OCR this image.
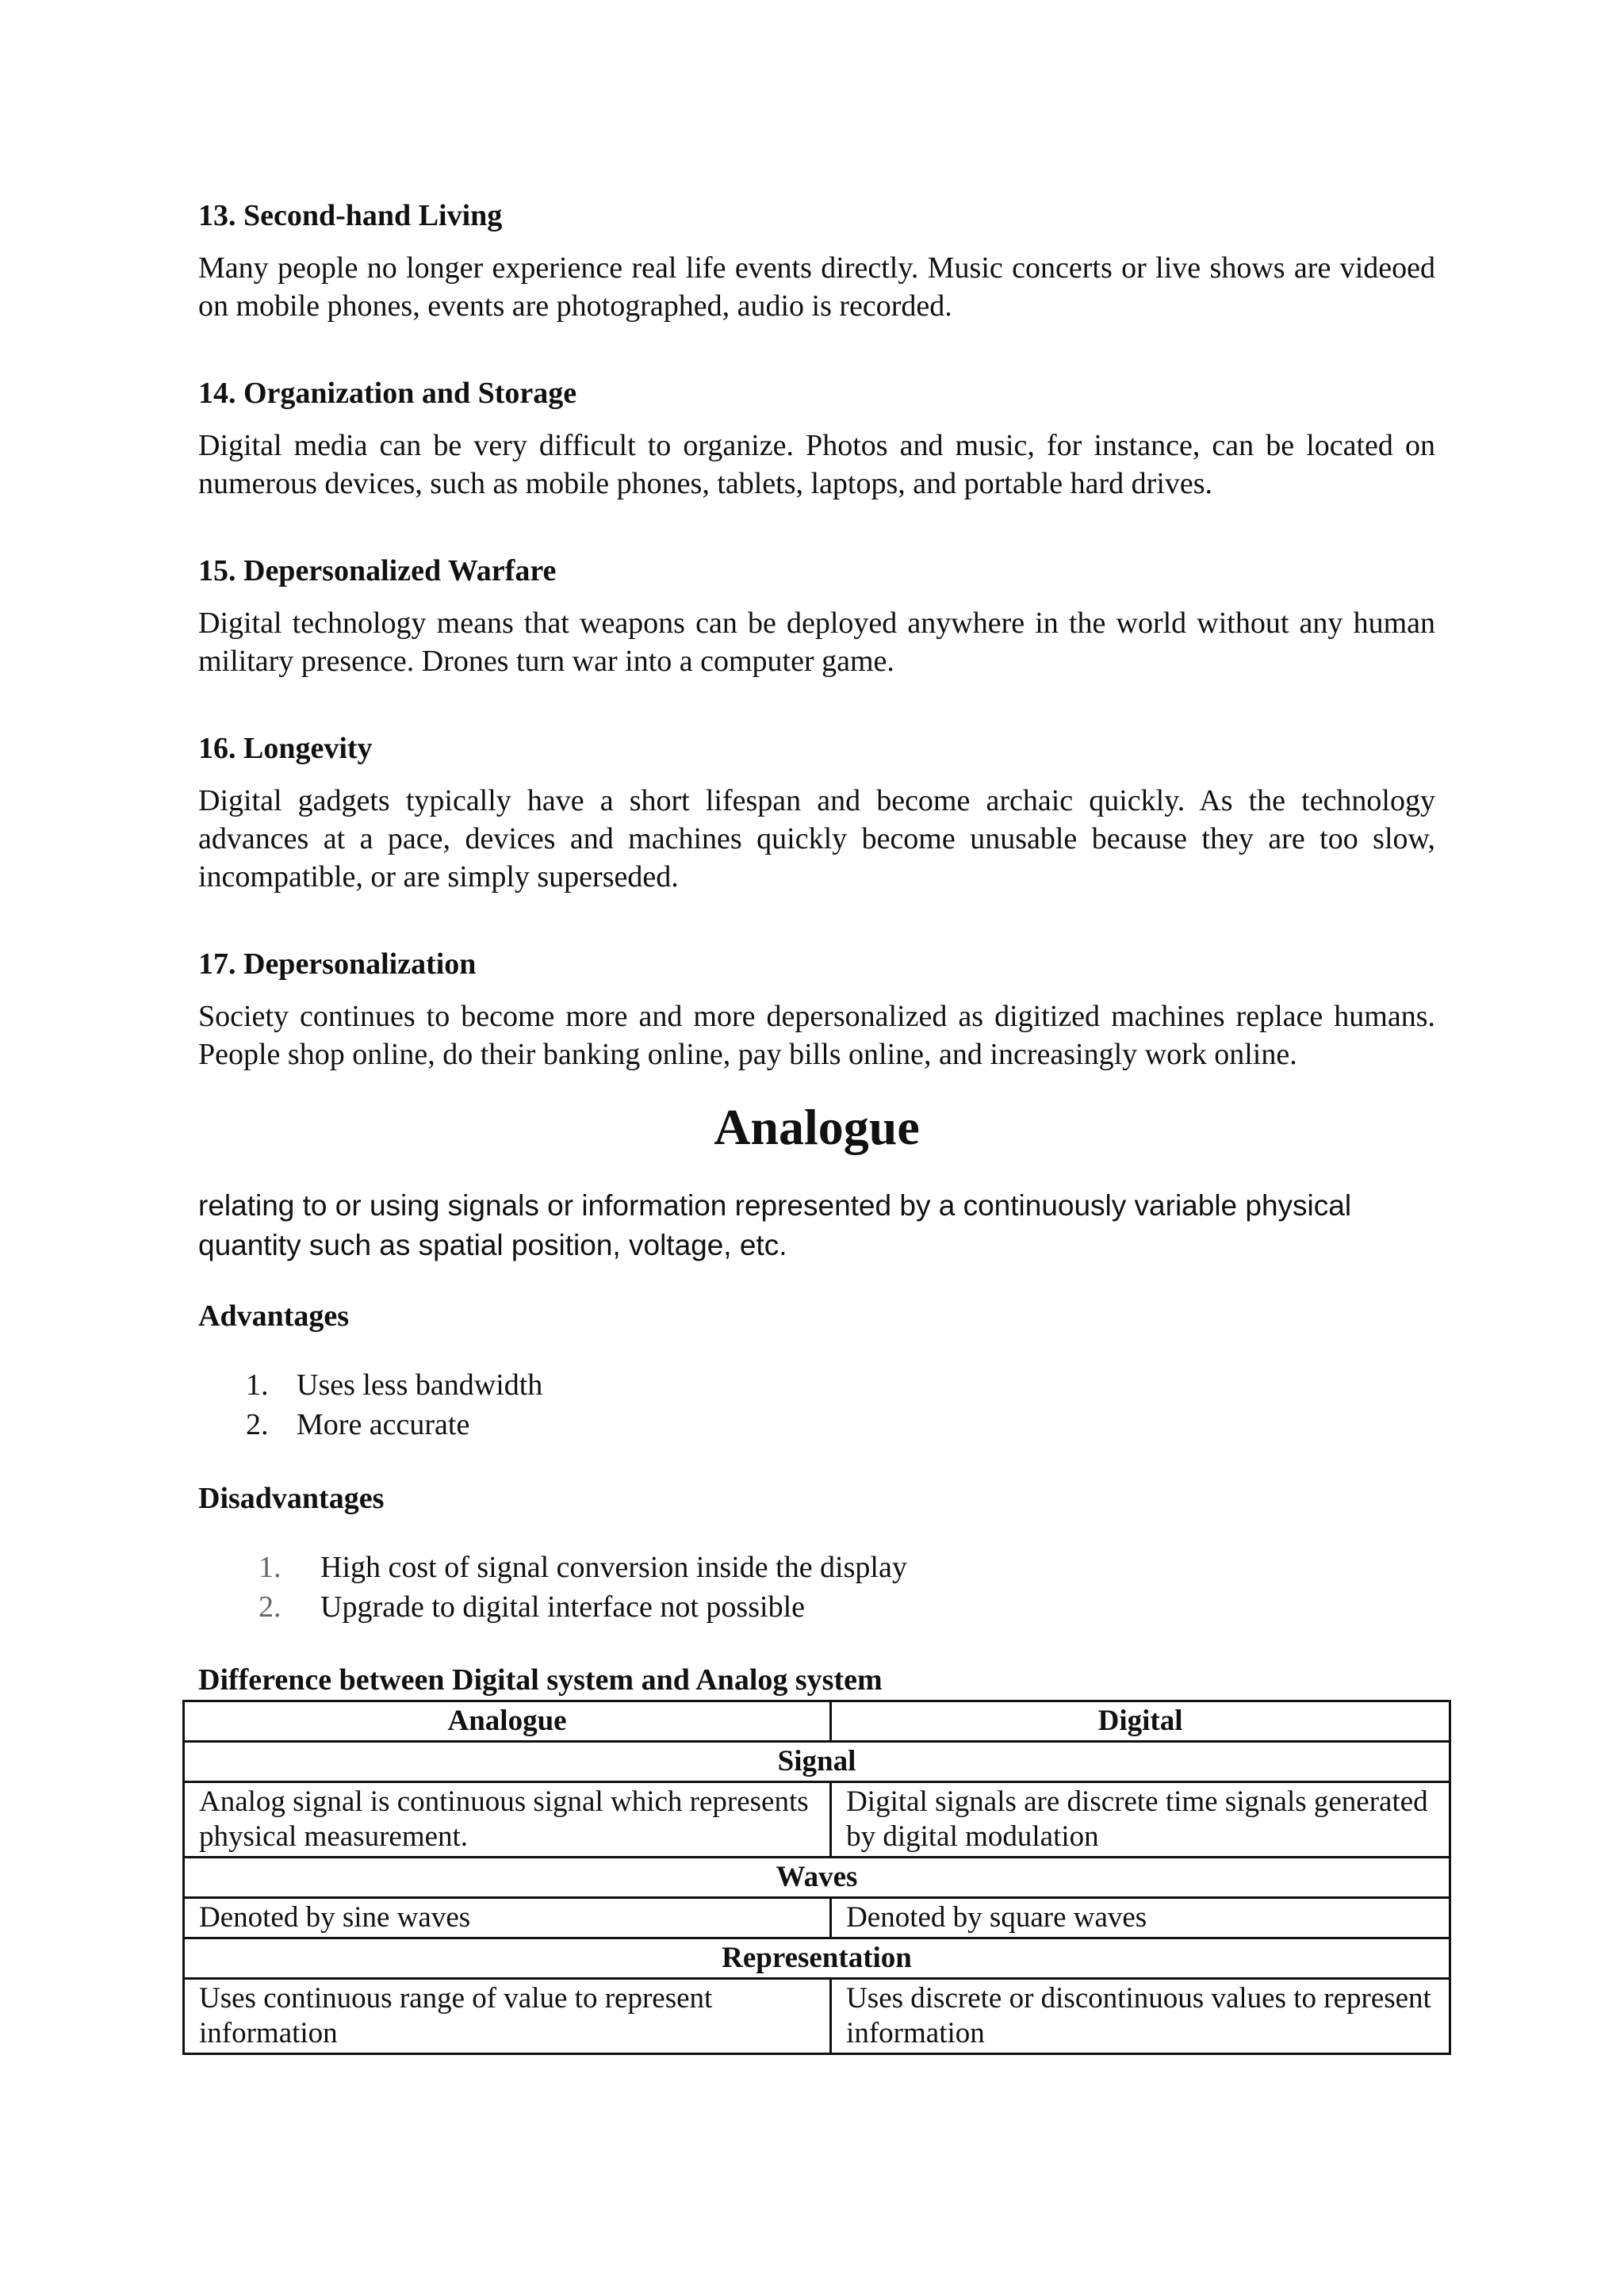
13. Second-hand Living
Many people no longer experience real life events directly. Music concerts or live shows are videoed on mobile phones, events are photographed, audio is recorded.
14. Organization and Storage
Digital media can be very difficult to organize. Photos and music, for instance, can be located on numerous devices, such as mobile phones, tablets, laptops, and portable hard drives.
15. Depersonalized Warfare
Digital technology means that weapons can be deployed anywhere in the world without any human military presence. Drones turn war into a computer game.
16. Longevity
Digital gadgets typically have a short lifespan and become archaic quickly. As the technology advances at a pace, devices and machines quickly become unusable because they are too slow, incompatible, or are simply superseded.
17. Depersonalization
Society continues to become more and more depersonalized as digitized machines replace humans. People shop online, do their banking online, pay bills online, and increasingly work online.
Analogue
relating to or using signals or information represented by a continuously variable physical quantity such as spatial position, voltage, etc.
Advantages
1. Uses less bandwidth
2. More accurate
Disadvantages
1. High cost of signal conversion inside the display
2. Upgrade to digital interface not possible
Difference between Digital system and Analog system
Analogue	Digital
Signal	
Analog signal is continuous signal which represents physical measurement.	Digital signals are discrete time signals generated by digital modulation
Waves	
Denoted by sine waves	Denoted by square waves
Representation	
Uses continuous range of value to represent information	Uses discrete or discontinuous values to represent information
